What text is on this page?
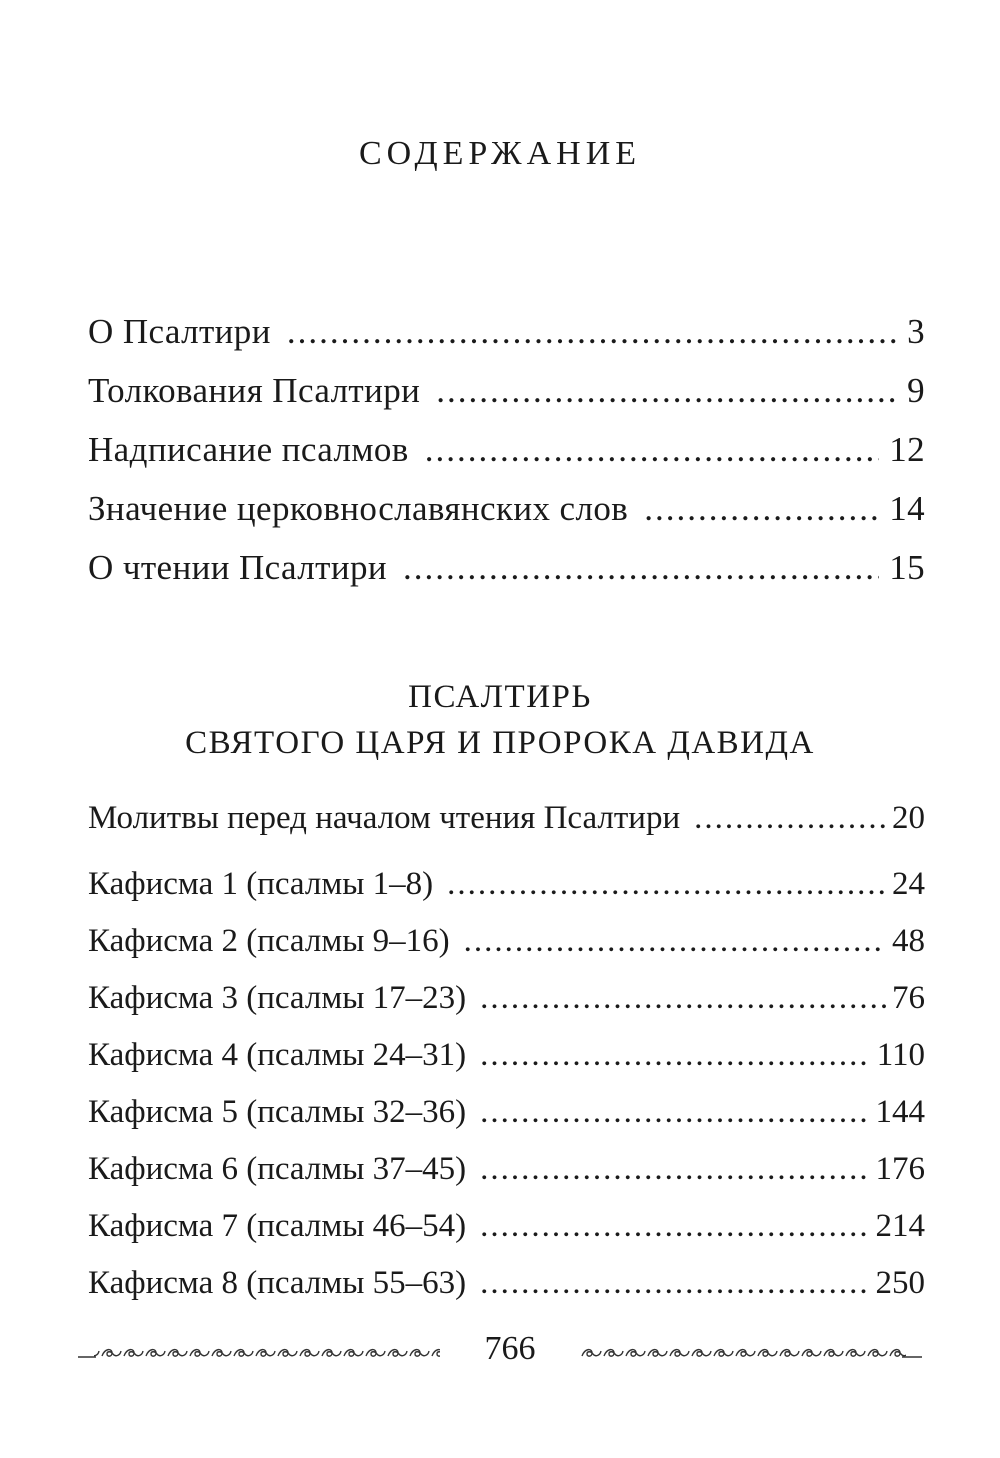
СОДЕРЖАНИЕ
О Псалтири .....	3
Толкования Псалтири .....	9
Надписание псалмов .....	12
Значение церковнославянских слов .....	14
О чтении Псалтири .....	15
ПСАЛТИРЬ
СВЯТОГО ЦАРЯ И ПРОРОКА ДАВИДА
Молитвы перед началом чтения Псалтири .....	20
Кафисма 1 (псалмы 1–8) .....	24
Кафисма 2 (псалмы 9–16) .....	48
Кафисма 3 (псалмы 17–23) .....	76
Кафисма 4 (псалмы 24–31) .....	110
Кафисма 5 (псалмы 32–36) .....	144
Кафисма 6 (псалмы 37–45) .....	176
Кафисма 7 (псалмы 46–54) .....	214
Кафисма 8 (псалмы 55–63) .....	250
766
